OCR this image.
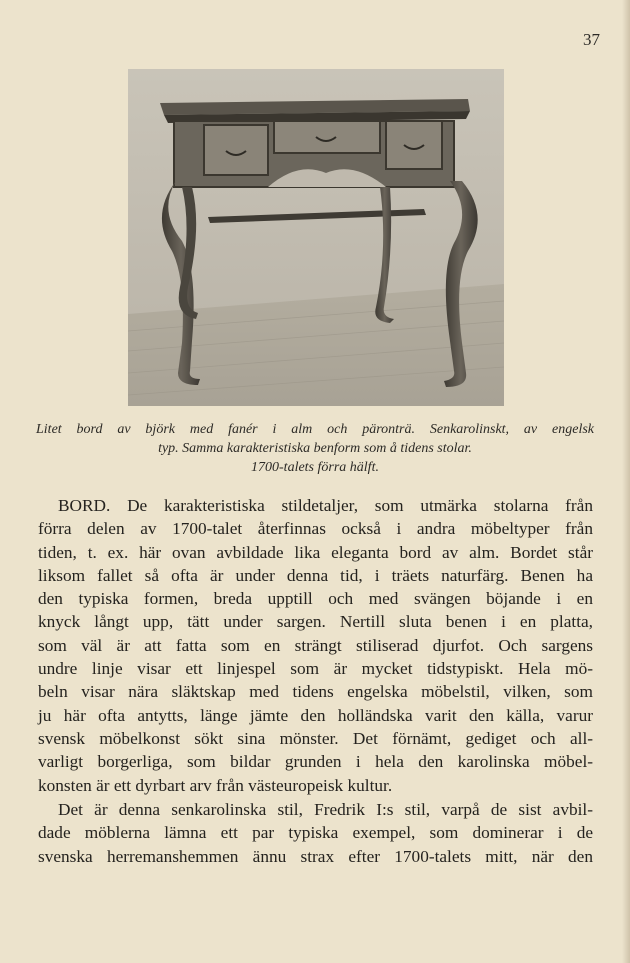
37
Litet bord av björk med fanér i alm och päronträ. Senkarolinskt, av engelsk
typ. Samma karakteristiska benform som å tidens stolar.
1700-talets förra hälft.
BORD. De karakteristiska stildetaljer, som utmärka stolarna från
förra delen av 1700-talet återfinnas också i andra möbeltyper från
tiden, t. ex. här ovan avbildade lika eleganta bord av alm. Bordet står
liksom fallet så ofta är under denna tid, i träets naturfärg. Benen ha
den typiska formen, breda upptill och med svängen böjande i en
knyck långt upp, tätt under sargen. Nertill sluta benen i en platta,
som väl är att fatta som en strängt stiliserad djurfot. Och sargens
undre linje visar ett linjespel som är mycket tidstypiskt. Hela mö-
beln visar nära släktskap med tidens engelska möbelstil, vilken, som
ju här ofta antytts, länge jämte den holländska varit den källa, varur
svensk möbelkonst sökt sina mönster. Det förnämt, gediget och all-
varligt borgerliga, som bildar grunden i hela den karolinska möbel-
konsten är ett dyrbart arv från västeuropeisk kultur.
Det är denna senkarolinska stil, Fredrik I:s stil, varpå de sist avbil-
dade möblerna lämna ett par typiska exempel, som dominerar i de
svenska herremanshemmen ännu strax efter 1700-talets mitt, när den
